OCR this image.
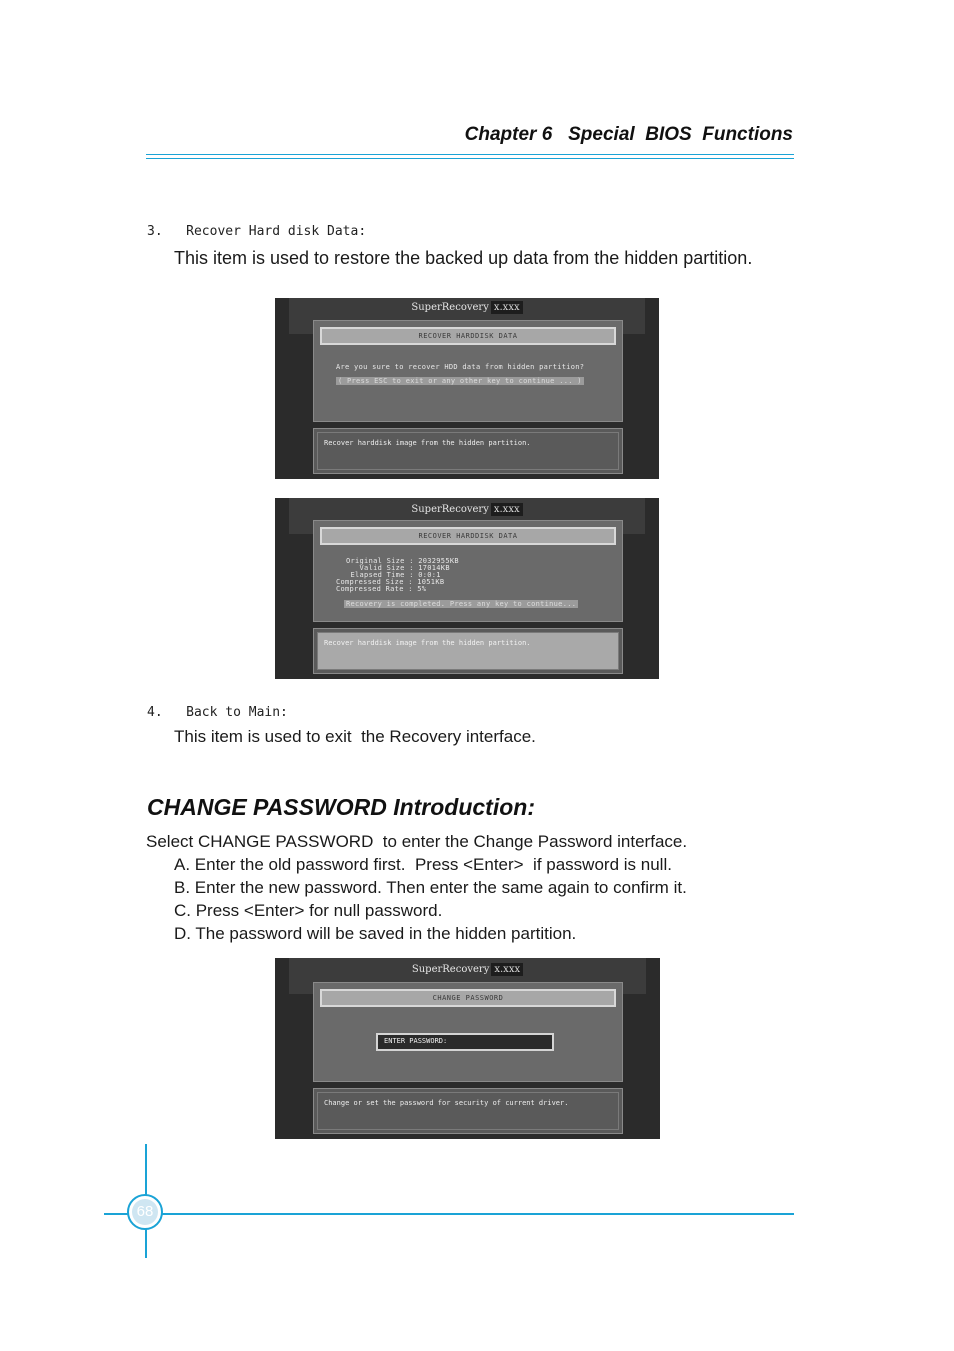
Chapter 6   Special  BIOS  Functions
3.   Recover Hard disk Data:
This item is used to restore the backed up data from the hidden partition.
SuperRecovery x.xxx
RECOVER HARDDISK DATA
Are you sure to recover HDD data from hidden partition?
( Press ESC to exit or any other key to continue ... )
Recover harddisk image from the hidden partition.
SuperRecovery x.xxx
RECOVER HARDDISK DATA
Original Size : 2032955KB
Valid Size : 17014KB
Elapsed Time : 0:0:1
Compressed Size : 1051KB
Compressed Rate : 5%
Recovery is completed. Press any key to continue...
Recover harddisk image from the hidden partition.
4.   Back to Main:
This item is used to exit  the Recovery interface.
CHANGE PASSWORD Introduction:
Select CHANGE PASSWORD  to enter the Change Password interface.
A. Enter the old password first.  Press <Enter>  if password is null.
B. Enter the new password. Then enter the same again to confirm it.
C. Press <Enter> for null password.
D. The password will be saved in the hidden partition.
SuperRecovery x.xxx
CHANGE PASSWORD
ENTER PASSWORD:
Change or set the password for security of current driver.
68
